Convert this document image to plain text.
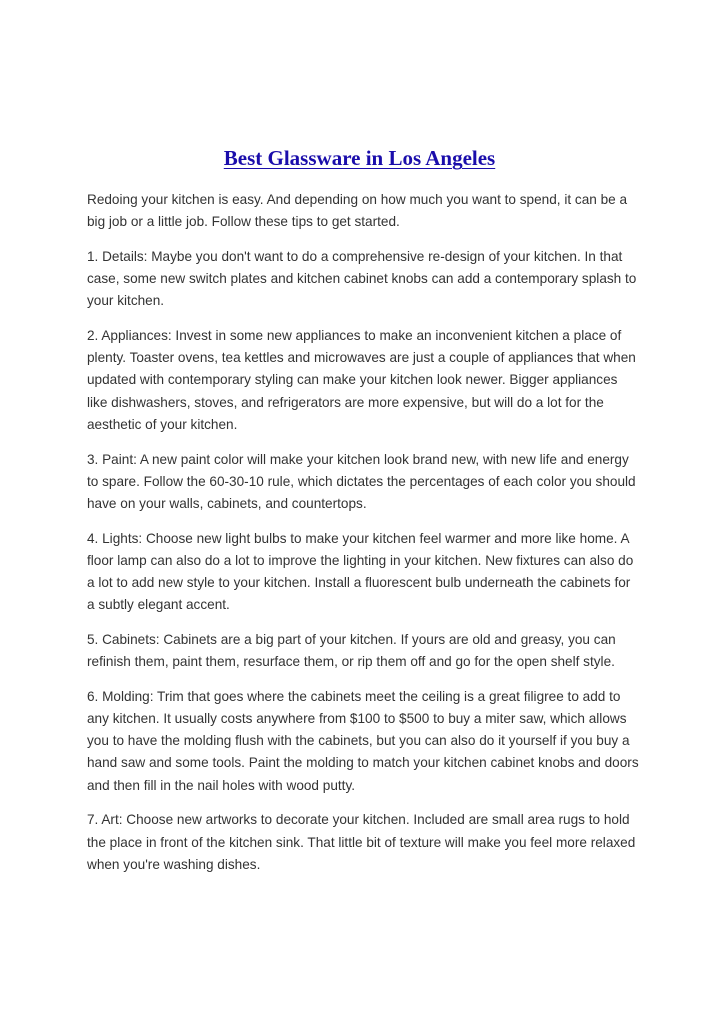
Best Glassware in Los Angeles

Redoing your kitchen is easy. And depending on how much you want to spend, it can be a big job or a little job. Follow these tips to get started.

1. Details: Maybe you don't want to do a comprehensive re-design of your kitchen. In that case, some new switch plates and kitchen cabinet knobs can add a contemporary splash to your kitchen.

2. Appliances: Invest in some new appliances to make an inconvenient kitchen a place of plenty. Toaster ovens, tea kettles and microwaves are just a couple of appliances that when updated with contemporary styling can make your kitchen look newer. Bigger appliances like dishwashers, stoves, and refrigerators are more expensive, but will do a lot for the aesthetic of your kitchen.

3. Paint: A new paint color will make your kitchen look brand new, with new life and energy to spare. Follow the 60-30-10 rule, which dictates the percentages of each color you should have on your walls, cabinets, and countertops.

4. Lights: Choose new light bulbs to make your kitchen feel warmer and more like home. A floor lamp can also do a lot to improve the lighting in your kitchen. New fixtures can also do a lot to add new style to your kitchen. Install a fluorescent bulb underneath the cabinets for a subtly elegant accent.

5. Cabinets: Cabinets are a big part of your kitchen. If yours are old and greasy, you can refinish them, paint them, resurface them, or rip them off and go for the open shelf style.

6. Molding: Trim that goes where the cabinets meet the ceiling is a great filigree to add to any kitchen. It usually costs anywhere from $100 to $500 to buy a miter saw, which allows you to have the molding flush with the cabinets, but you can also do it yourself if you buy a hand saw and some tools. Paint the molding to match your kitchen cabinet knobs and doors and then fill in the nail holes with wood putty.

7. Art: Choose new artworks to decorate your kitchen. Included are small area rugs to hold the place in front of the kitchen sink. That little bit of texture will make you feel more relaxed when you're washing dishes.
